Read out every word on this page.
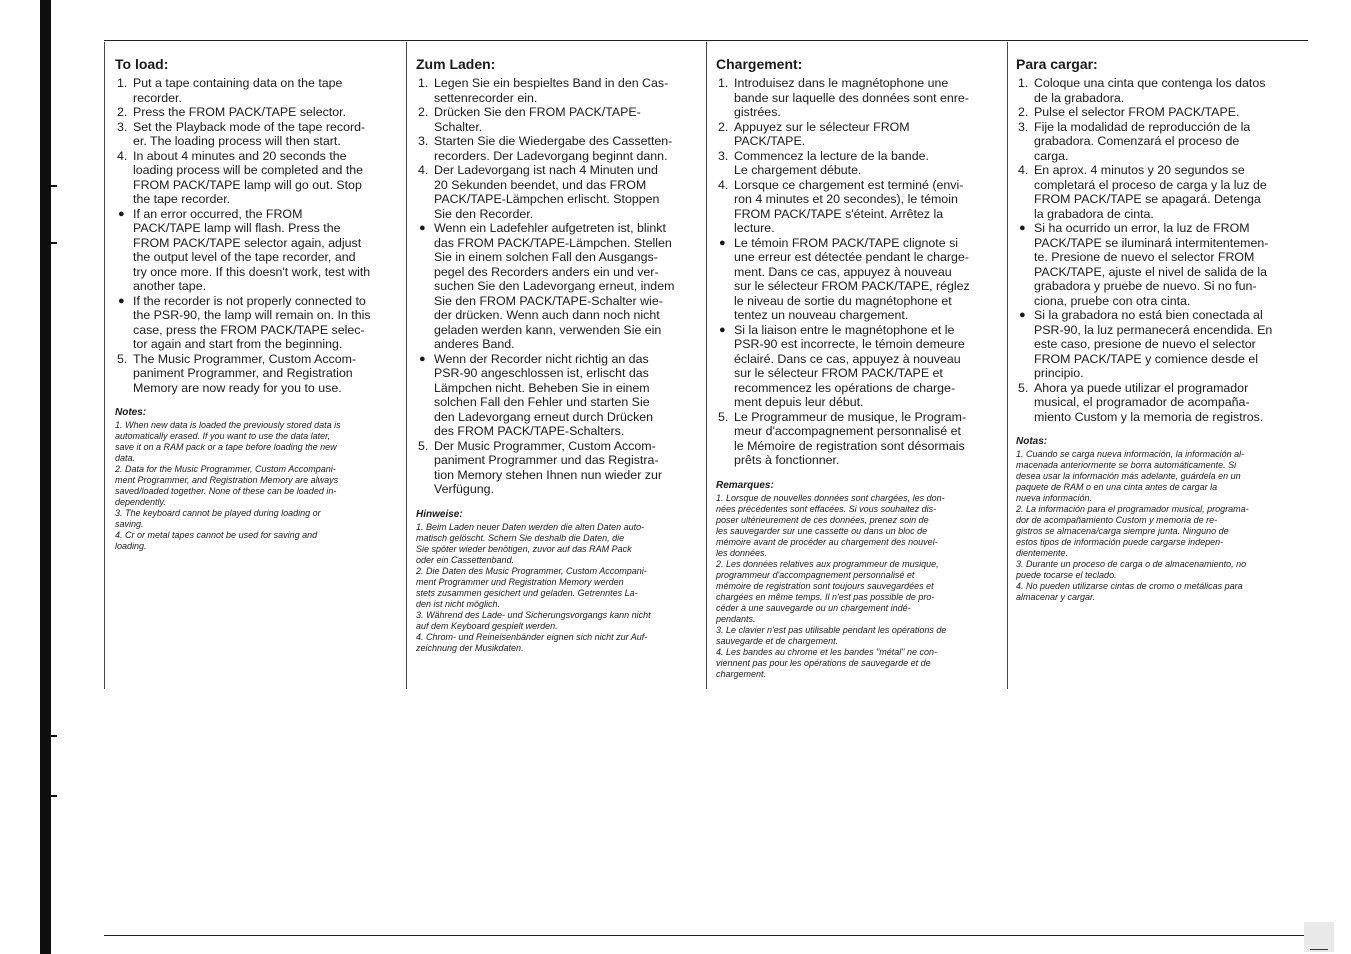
To load:
1. Put a tape containing data on the tape
recorder.
2. Press the FROM PACK/TAPE selector.
3. Set the Playback mode of the tape record-
er. The loading process will then start.
4. In about 4 minutes and 20 seconds the
loading process will be completed and the
FROM PACK/TAPE lamp will go out. Stop
the tape recorder.
● If an error occurred, the FROM
PACK/TAPE lamp will flash. Press the
FROM PACK/TAPE selector again, adjust
the output level of the tape recorder, and
try once more. If this doesn't work, test with
another tape.
● If the recorder is not properly connected to
the PSR-90, the lamp will remain on. In this
case, press the FROM PACK/TAPE selec-
tor again and start from the beginning.
5. The Music Programmer, Custom Accom-
paniment Programmer, and Registration
Memory are now ready for you to use.
Notes:
1. When new data is loaded the previously stored data is
automatically erased. If you want to use the data later,
save it on a RAM pack or a tape before loading the new
data.
2. Data for the Music Programmer, Custom Accompani-
ment Programmer, and Registration Memory are always
saved/loaded together. None of these can be loaded in-
dependently.
3. The keyboard cannot be played during loading or
saving.
4. Cr or metal tapes cannot be used for saving and
loading.
Zum Laden:
1. Legen Sie ein bespieltes Band in den Cas-
settenrecorder ein.
2. Drücken Sie den FROM PACK/TAPE-
Schalter.
3. Starten Sie die Wiedergabe des Cassetten-
recorders. Der Ladevorgang beginnt dann.
4. Der Ladevorgang ist nach 4 Minuten und
20 Sekunden beendet, und das FROM
PACK/TAPE-Lämpchen erlischt. Stoppen
Sie den Recorder.
● Wenn ein Ladefehler aufgetreten ist, blinkt
das FROM PACK/TAPE-Lämpchen. Stellen
Sie in einem solchen Fall den Ausgangs-
pegel des Recorders anders ein und ver-
suchen Sie den Ladevorgang erneut, indem
Sie den FROM PACK/TAPE-Schalter wie-
der drücken. Wenn auch dann noch nicht
geladen werden kann, verwenden Sie ein
anderes Band.
● Wenn der Recorder nicht richtig an das
PSR-90 angeschlossen ist, erlischt das
Lämpchen nicht. Beheben Sie in einem
solchen Fall den Fehler und starten Sie
den Ladevorgang erneut durch Drücken
des FROM PACK/TAPE-Schalters.
5. Der Music Programmer, Custom Accom-
paniment Programmer und das Registra-
tion Memory stehen Ihnen nun wieder zur
Verfügung.
Hinweise:
1. Beim Laden neuer Daten werden die alten Daten auto-
matisch gelöscht. Schern Sie deshalb die Daten, die
Sie spöter wieder benötigen, zuvor auf das RAM Pack
oder ein Cassettenband.
2. Die Daten des Music Programmer, Custom Accompani-
ment Programmer und Registration Memory werden
stets zusammen gesichert und geladen. Getrenntes La-
den ist nicht möglich.
3. Während des Lade- und Sicherungsvorgangs kann nicht
auf dem Keyboard gespielt werden.
4. Chrom- und Reineisenbänder eignen sich nicht zur Auf-
zeichnung der Musikdaten.
Chargement:
1. Introduisez dans le magnétophone une
bande sur laquelle des données sont enre-
gistrées.
2. Appuyez sur le sélecteur FROM
PACK/TAPE.
3. Commencez la lecture de la bande.
Le chargement débute.
4. Lorsque ce chargement est terminé (envi-
ron 4 minutes et 20 secondes), le témoin
FROM PACK/TAPE s'éteint. Arrêtez la
lecture.
● Le témoin FROM PACK/TAPE clignote si
une erreur est détectée pendant le charge-
ment. Dans ce cas, appuyez à nouveau
sur le sélecteur FROM PACK/TAPE, réglez
le niveau de sortie du magnétophone et
tentez un nouveau chargement.
● Si la liaison entre le magnétophone et le
PSR-90 est incorrecte, le témoin demeure
éclairé. Dans ce cas, appuyez à nouveau
sur le sélecteur FROM PACK/TAPE et
recommencez les opérations de charge-
ment depuis leur début.
5. Le Programmeur de musique, le Program-
meur d'accompagnement personnalisé et
le Mémoire de registration sont désormais
prêts à fonctionner.
Remarques:
1. Lorsque de nouvelles données sont chargées, les don-
nées précédentes sont effacées. Si vous souhaitez dis-
poser ultérieurement de ces données, prenez soin de
les sauvegarder sur une cassette ou dans un bloc de
mémoire avant de procéder au chargement des nouvel-
les données.
2. Les données relatives aux programmeur de musique,
programmeur d'accompagnement personnalisé et
mémoire de registration sont toujours sauvegardées et
chargées en même temps. Il n'est pas possible de pro-
céder à une sauvegarde ou un chargement indé-
pendants.
3. Le clavier n'est pas utilisable pendant les opérations de
sauvegarde et de chargement.
4. Les bandes au chrome et les bandes "métal" ne con-
viennent pas pour les opérations de sauvegarde et de
chargement.
Para cargar:
1. Coloque una cinta que contenga los datos
de la grabadora.
2. Pulse el selector FROM PACK/TAPE.
3. Fije la modalidad de reproducción de la
grabadora. Comenzará el proceso de
carga.
4. En aprox. 4 minutos y 20 segundos se
completará el proceso de carga y la luz de
FROM PACK/TAPE se apagará. Detenga
la grabadora de cinta.
● Si ha ocurrido un error, la luz de FROM
PACK/TAPE se iluminará intermitentemen-
te. Presione de nuevo el selector FROM
PACK/TAPE, ajuste el nivel de salida de la
grabadora y pruebe de nuevo. Si no fun-
ciona, pruebe con otra cinta.
● Si la grabadora no está bien conectada al
PSR-90, la luz permanecerá encendida. En
este caso, presione de nuevo el selector
FROM PACK/TAPE y comience desde el
principio.
5. Ahora ya puede utilizar el programador
musical, el programador de acompaña-
miento Custom y la memoria de registros.
Notas:
1. Cuando se carga nueva información, la información al-
macenada anteriormente se borra automáticamente. Si
desea usar la información más adelante, guárdela en un
paquete de RAM o en una cinta antes de cargar la
nueva información.
2. La información para el programador musical, programa-
dor de acompañamiento Custom y memoria de re-
gistros se almacena/carga siempre junta. Ninguno de
estos tipos de información puede cargarse indepen-
dientemente.
3. Durante un proceso de carga o de almacenamiento, no
puede tocarse el teclado.
4. No pueden utilizarse cintas de cromo o metálicas para
almacenar y cargar.
